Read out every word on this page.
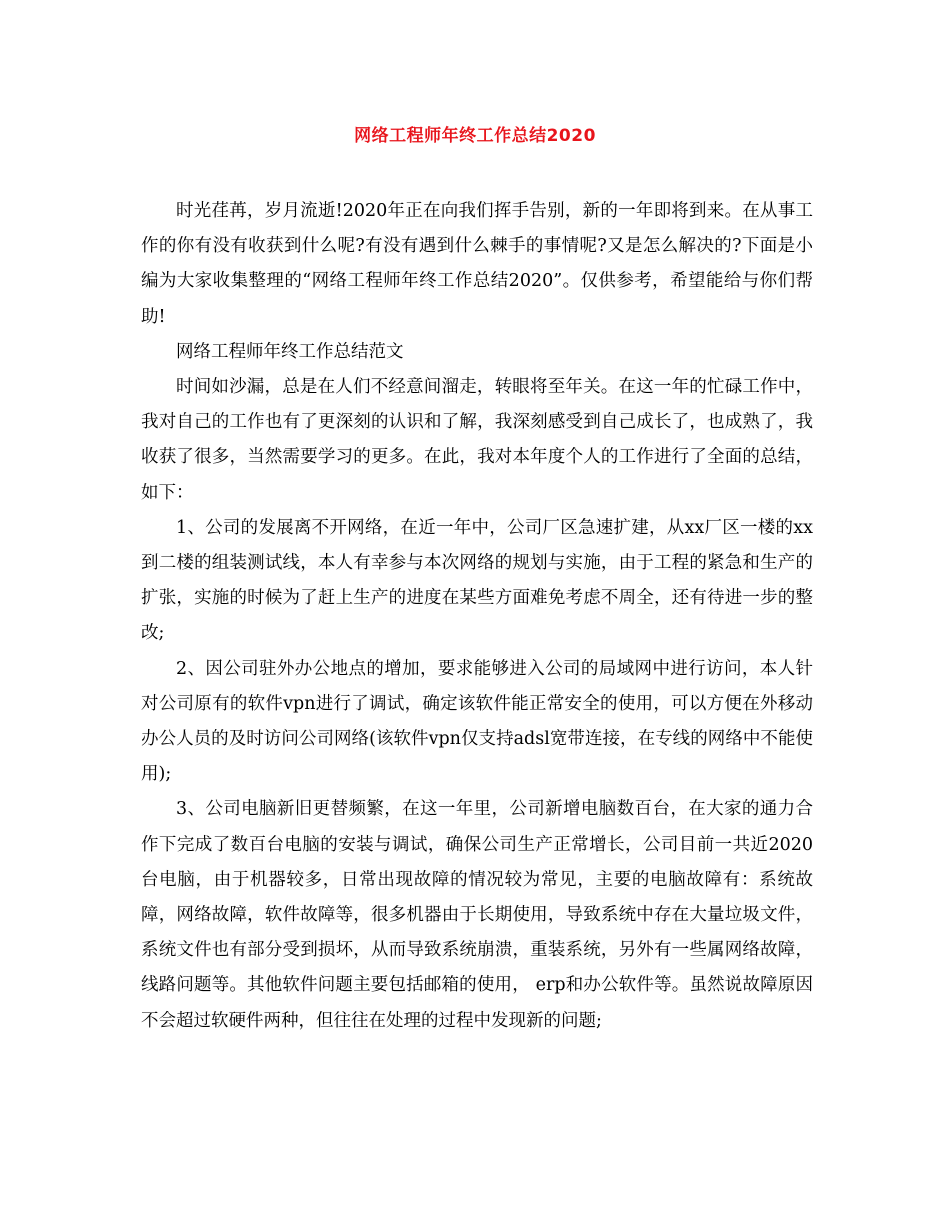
网络工程师年终工作总结2020

时光荏苒，岁月流逝!2020年正在向我们挥手告别，新的一年即将到来。在从事工作的你有没有收获到什么呢?有没有遇到什么棘手的事情呢?又是怎么解决的?下面是小编为大家收集整理的“网络工程师年终工作总结2020”。仅供参考，希望能给与你们帮助!

网络工程师年终工作总结范文

时间如沙漏，总是在人们不经意间溜走，转眼将至年关。在这一年的忙碌工作中，我对自己的工作也有了更深刻的认识和了解，我深刻感受到自己成长了，也成熟了，我收获了很多，当然需要学习的更多。在此，我对本年度个人的工作进行了全面的总结，如下：

1、公司的发展离不开网络，在近一年中，公司厂区急速扩建，从xx厂区一楼的xx到二楼的组装测试线，本人有幸参与本次网络的规划与实施，由于工程的紧急和生产的扩张，实施的时候为了赶上生产的进度在某些方面难免考虑不周全，还有待进一步的整改;

2、因公司驻外办公地点的增加，要求能够进入公司的局域网中进行访问，本人针对公司原有的软件vpn进行了调试，确定该软件能正常安全的使用，可以方便在外移动办公人员的及时访问公司网络(该软件vpn仅支持adsl宽带连接，在专线的网络中不能使用);

3、公司电脑新旧更替频繁，在这一年里，公司新增电脑数百台，在大家的通力合作下完成了数百台电脑的安装与调试，确保公司生产正常增长，公司目前一共近2020台电脑，由于机器较多，日常出现故障的情况较为常见，主要的电脑故障有：系统故障，网络故障，软件故障等，很多机器由于长期使用，导致系统中存在大量垃圾文件，系统文件也有部分受到损坏，从而导致系统崩溃，重装系统，另外有一些属网络故障，线路问题等。其他软件问题主要包括邮箱的使用， erp和办公软件等。虽然说故障原因不会超过软硬件两种，但往往在处理的过程中发现新的问题;
